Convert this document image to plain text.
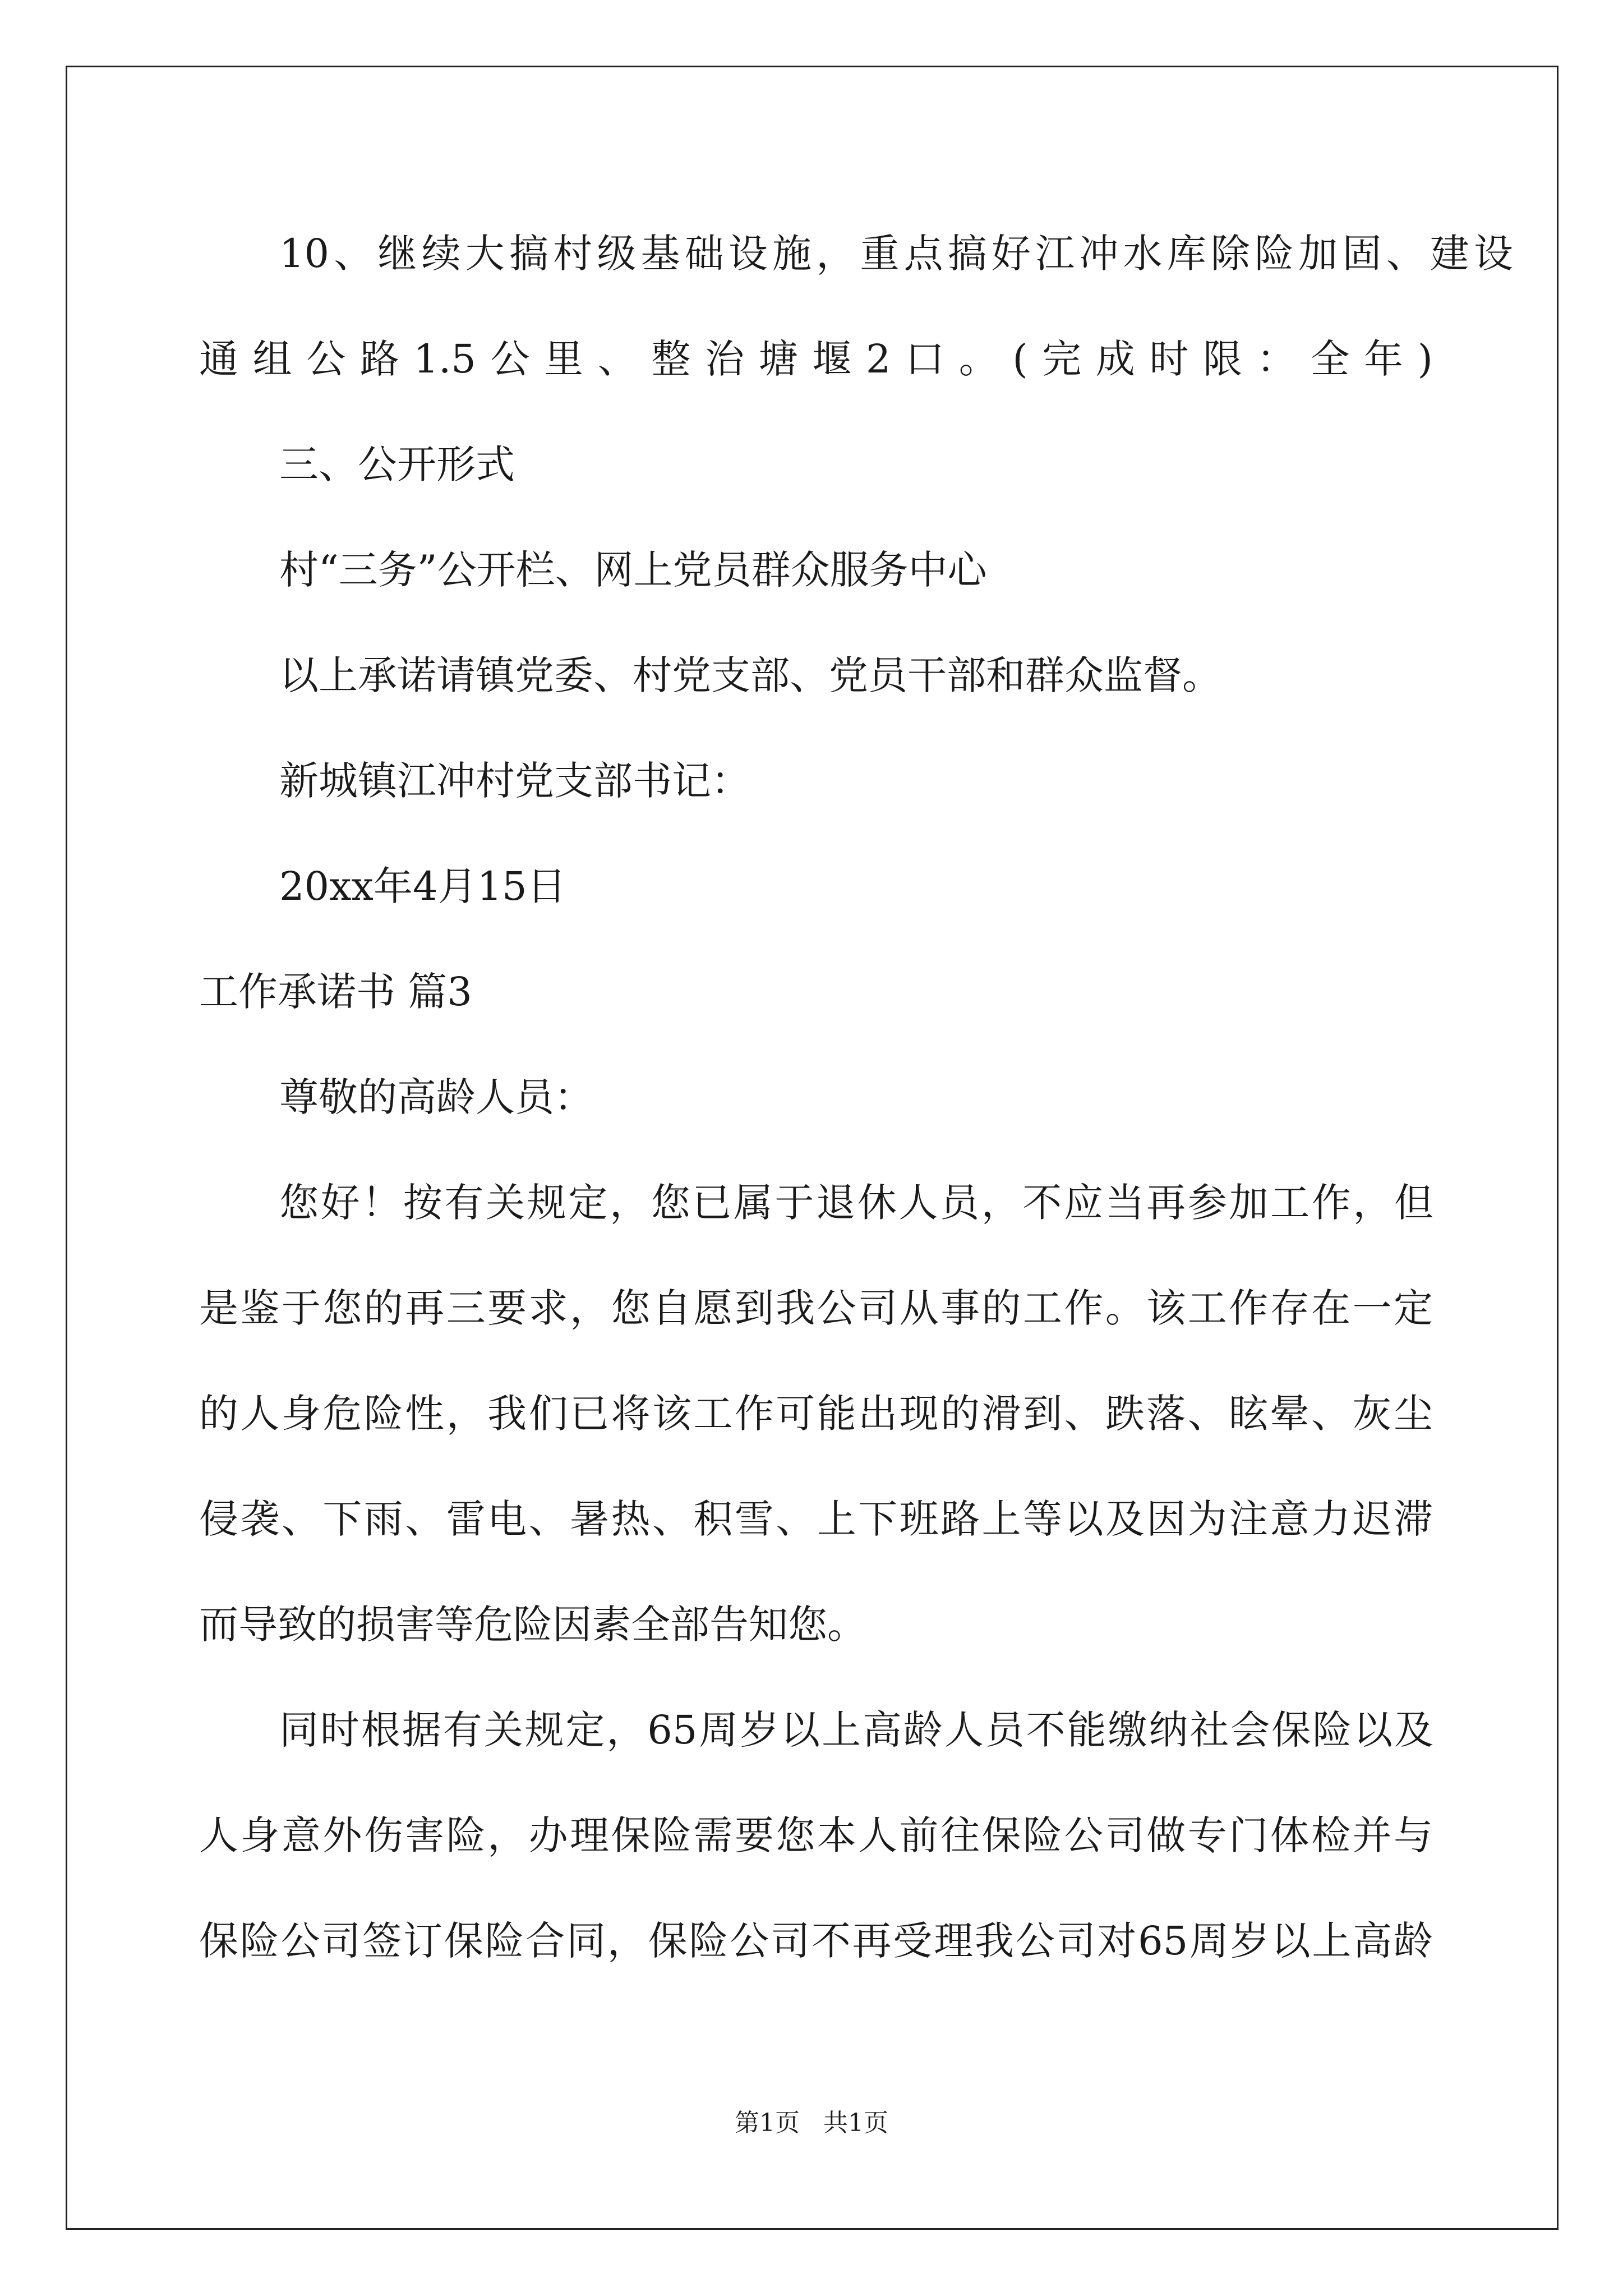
10、继续大搞村级基础设施，重点搞好江冲水库除险加固、建设
通组公路1.5公里、整治塘堰2口。(完成时限：全年)
三、公开形式
村“三务”公开栏、网上党员群众服务中心
以上承诺请镇党委、村党支部、党员干部和群众监督。
新城镇江冲村党支部书记：
20xx年4月15日
工作承诺书 篇3
尊敬的高龄人员：
您好！按有关规定，您已属于退休人员，不应当再参加工作，但
是鉴于您的再三要求，您自愿到我公司从事的工作。该工作存在一定
的人身危险性，我们已将该工作可能出现的滑到、跌落、眩晕、灰尘
侵袭、下雨、雷电、暑热、积雪、上下班路上等以及因为注意力迟滞
而导致的损害等危险因素全部告知您。
同时根据有关规定，65周岁以上高龄人员不能缴纳社会保险以及
人身意外伤害险，办理保险需要您本人前往保险公司做专门体检并与
保险公司签订保险合同，保险公司不再受理我公司对65周岁以上高龄
第1页   共1页
